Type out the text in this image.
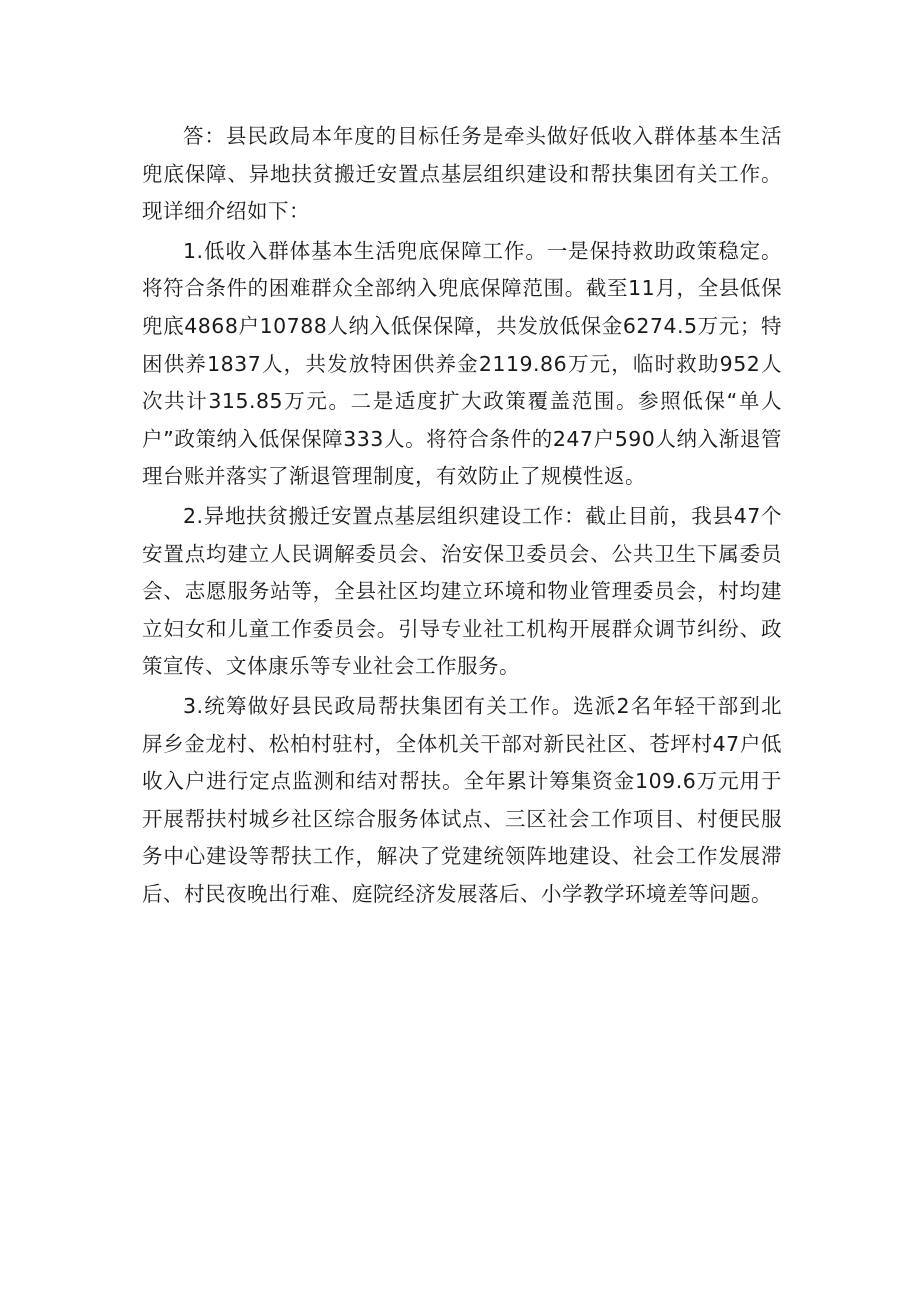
答：县民政局本年度的目标任务是牵头做好低收入群体基本生活兜底保障、异地扶贫搬迁安置点基层组织建设和帮扶集团有关工作。现详细介绍如下：

1.低收入群体基本生活兜底保障工作。一是保持救助政策稳定。将符合条件的困难群众全部纳入兜底保障范围。截至11月，全县低保兜底4868户10788人纳入低保保障，共发放低保金6274.5万元；特困供养1837人，共发放特困供养金2119.86万元，临时救助952人次共计315.85万元。二是适度扩大政策覆盖范围。参照低保“单人户”政策纳入低保保障333人。将符合条件的247户590人纳入渐退管理台账并落实了渐退管理制度，有效防止了规模性返。

2.异地扶贫搬迁安置点基层组织建设工作：截止目前，我县47个安置点均建立人民调解委员会、治安保卫委员会、公共卫生下属委员会、志愿服务站等，全县社区均建立环境和物业管理委员会，村均建立妇女和儿童工作委员会。引导专业社工机构开展群众调节纠纷、政策宣传、文体康乐等专业社会工作服务。

3.统筹做好县民政局帮扶集团有关工作。选派2名年轻干部到北屏乡金龙村、松柏村驻村，全体机关干部对新民社区、苍坪村47户低收入户进行定点监测和结对帮扶。全年累计筹集资金109.6万元用于开展帮扶村城乡社区综合服务体试点、三区社会工作项目、村便民服务中心建设等帮扶工作，解决了党建统领阵地建设、社会工作发展滞后、村民夜晚出行难、庭院经济发展落后、小学教学环境差等问题。
